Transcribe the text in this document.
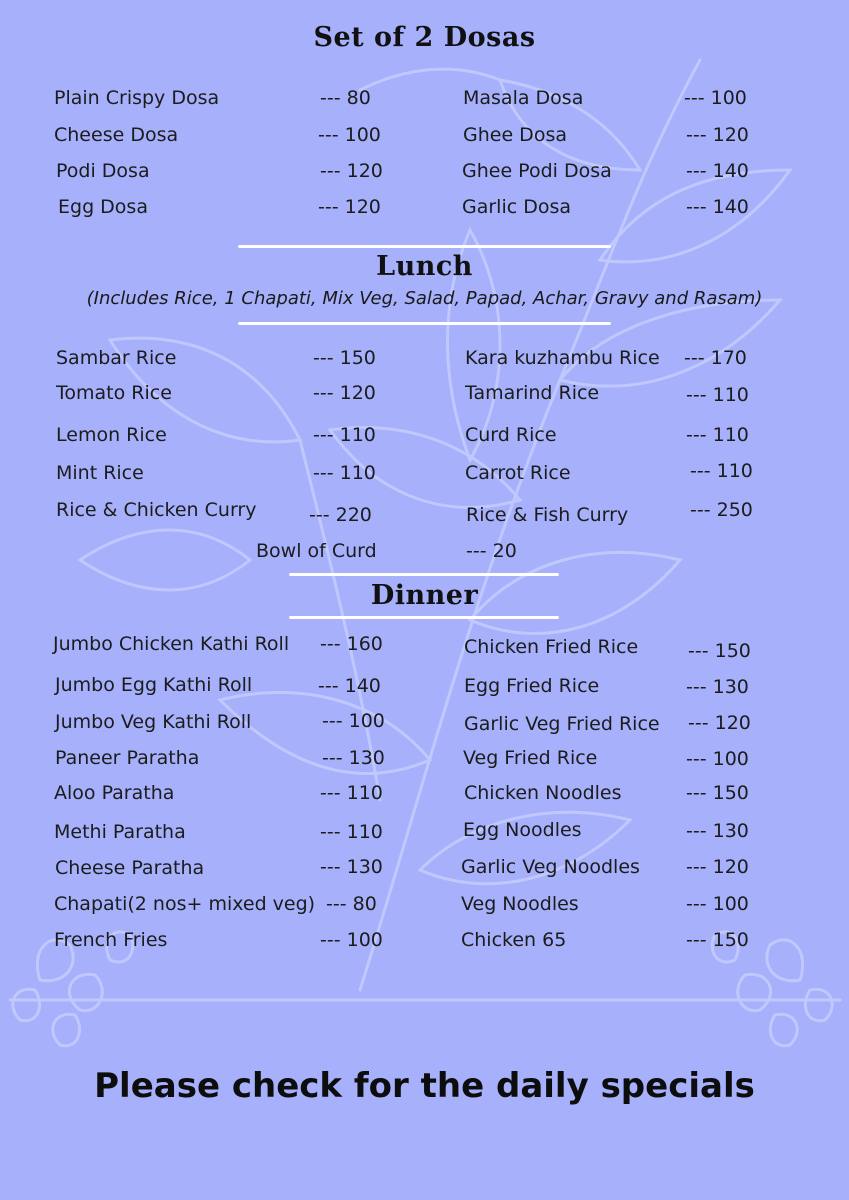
Set of 2 Dosas
Plain Crispy Dosa	--- 80	Masala Dosa	--- 100
Cheese Dosa	--- 100	Ghee Dosa	--- 120
Podi Dosa	--- 120	Ghee Podi Dosa	--- 140
Egg Dosa	--- 120	Garlic Dosa	--- 140
Lunch
(Includes Rice, 1 Chapati, Mix Veg, Salad, Papad, Achar, Gravy and Rasam)
Sambar Rice	--- 150	Kara kuzhambu Rice --- 170
Tomato Rice	--- 120	Tamarind Rice	--- 110
Lemon Rice	--- 110	Curd Rice	--- 110
Mint Rice	--- 110	Carrot Rice	--- 110
Rice & Chicken Curry	--- 220	Rice & Fish Curry	--- 250
Bowl of Curd	--- 20
Dinner
Jumbo Chicken Kathi Roll --- 160	Chicken Fried Rice	--- 150
Jumbo Egg Kathi Roll	--- 140	Egg Fried Rice	--- 130
Jumbo Veg Kathi Roll	--- 100	Garlic Veg Fried Rice --- 120
Paneer Paratha	--- 130	Veg Fried Rice	--- 100
Aloo Paratha	--- 110	Chicken Noodles	--- 150
Methi Paratha	--- 110	Egg Noodles	--- 130
Cheese Paratha	--- 130	Garlic Veg Noodles --- 120
Chapati(2 nos+ mixed veg) --- 80	Veg Noodles	--- 100
French Fries	--- 100	Chicken 65	--- 150
Please check for the daily specials
